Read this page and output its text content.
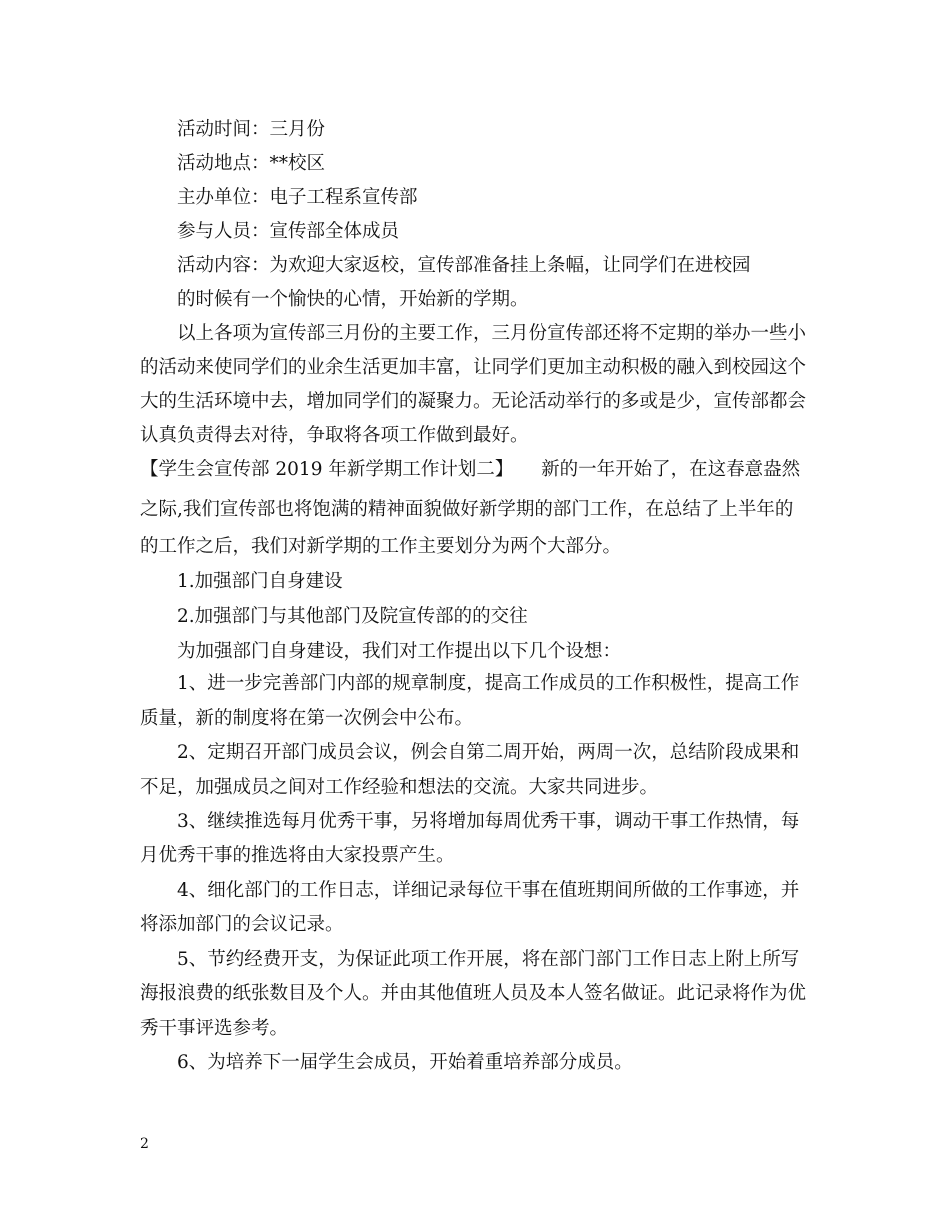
活动时间：三月份
活动地点：**校区
主办单位：电子工程系宣传部
参与人员：宣传部全体成员
活动内容：为欢迎大家返校，宣传部准备挂上条幅，让同学们在进校园
的时候有一个愉快的心情，开始新的学期。
以上各项为宣传部三月份的主要工作，三月份宣传部还将不定期的举办一些小
的活动来使同学们的业余生活更加丰富，让同学们更加主动积极的融入到校园这个
大的生活环境中去，增加同学们的凝聚力。无论活动举行的多或是少，宣传部都会
认真负责得去对待，争取将各项工作做到最好。
【学生会宣传部 2019 年新学期工作计划二】　　新的一年开始了，在这春意盎然
之际,我们宣传部也将饱满的精神面貌做好新学期的部门工作，在总结了上半年的
的工作之后，我们对新学期的工作主要划分为两个大部分。
1.加强部门自身建设
2.加强部门与其他部门及院宣传部的的交往
为加强部门自身建设，我们对工作提出以下几个设想：
1、进一步完善部门内部的规章制度，提高工作成员的工作积极性，提高工作
质量，新的制度将在第一次例会中公布。
2、定期召开部门成员会议，例会自第二周开始，两周一次，总结阶段成果和
不足，加强成员之间对工作经验和想法的交流。大家共同进步。
3、继续推选每月优秀干事，另将增加每周优秀干事，调动干事工作热情，每
月优秀干事的推选将由大家投票产生。
4、细化部门的工作日志，详细记录每位干事在值班期间所做的工作事迹，并
将添加部门的会议记录。
5、节约经费开支，为保证此项工作开展，将在部门部门工作日志上附上所写
海报浪费的纸张数目及个人。并由其他值班人员及本人签名做证。此记录将作为优
秀干事评选参考。
6、为培养下一届学生会成员，开始着重培养部分成员。
2
